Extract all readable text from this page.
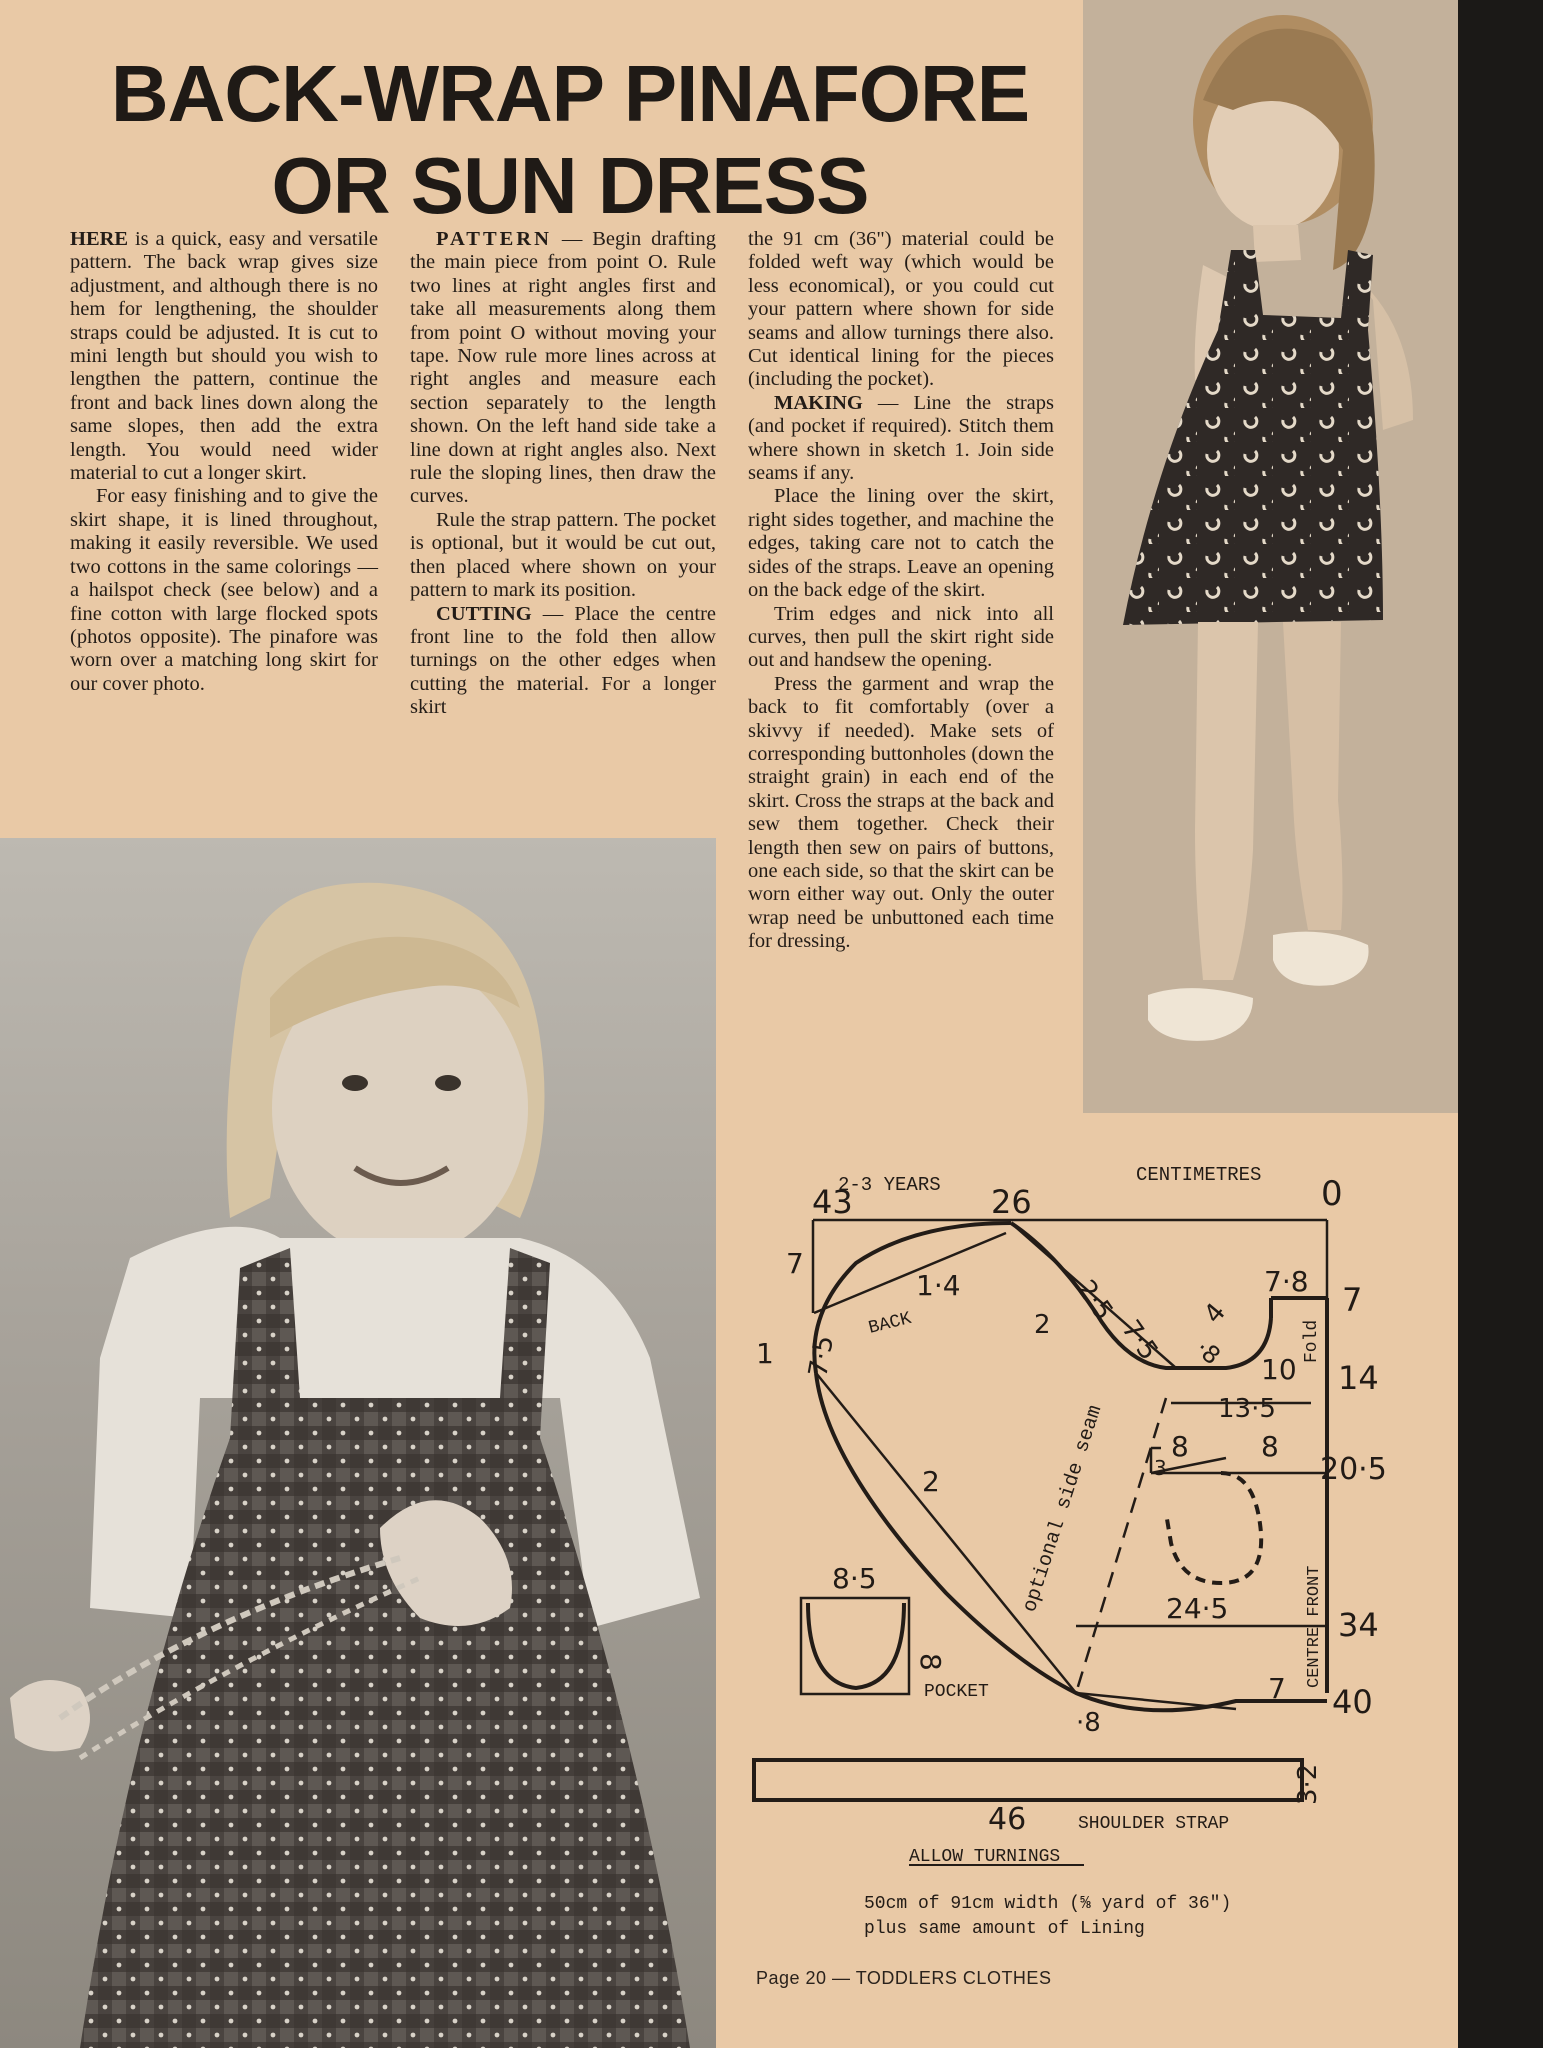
BACK-WRAP PINAFORE
OR SUN DRESS

HERE is a quick, easy and versatile pattern. The back wrap gives size adjustment, and although there is no hem for lengthening, the shoulder straps could be adjusted. It is cut to mini length but should you wish to lengthen the pattern, continue the front and back lines down along the same slopes, then add the extra length. You would need wider material to cut a longer skirt.

For easy finishing and to give the skirt shape, it is lined throughout, making it easily reversible. We used two cottons in the same colorings — a hailspot check (see below) and a fine cotton with large flocked spots (photos opposite). The pinafore was worn over a matching long skirt for our cover photo.

PATTERN — Begin drafting the main piece from point O. Rule two lines at right angles first and take all measurements along them from point O without moving your tape. Now rule more lines across at right angles and measure each section separately to the length shown. On the left hand side take a line down at right angles also. Next rule the sloping lines, then draw the curves.

Rule the strap pattern. The pocket is optional, but it would be cut out, then placed where shown on your pattern to mark its position.

CUTTING — Place the centre front line to the fold then allow turnings on the other edges when cutting the material. For a longer skirt

the 91 cm (36") material could be folded weft way (which would be less economical), or you could cut your pattern where shown for side seams and allow turnings there also. Cut identical lining for the pieces (including the pocket).

MAKING — Line the straps (and pocket if required). Stitch them where shown in sketch 1. Join side seams if any.

Place the lining over the skirt, right sides together, and machine the edges, taking care not to catch the sides of the straps. Leave an opening on the back edge of the skirt.

Trim edges and nick into all curves, then pull the skirt right side out and handsew the opening.

Press the garment and wrap the back to fit comfortably (over a skivvy if needed). Make sets of corresponding buttonholes (down the straight grain) in each end of the skirt. Cross the straps at the back and sew them together. Check their length then sew on pairs of buttons, one each side, so that the skirt can be worn either way out. Only the outer wrap need be unbuttoned each time for dressing.

2-3 YEARS	CENTIMETRES
43	26	0
7
14
20·5
34
40
7·8
7
1·4
BACK
1 7·5
2·5
7·5
2	4
·8	Fold
10
13·5
8	8
3
2	optional side seam
CENTRE FRONT
24·5
·8
7
8·5
8
POCKET
46
3·2
SHOULDER STRAP
ALLOW TURNINGS
50cm of 91cm width (⅝ yard of 36")
plus same amount of Lining

Page 20 — TODDLERS CLOTHES
